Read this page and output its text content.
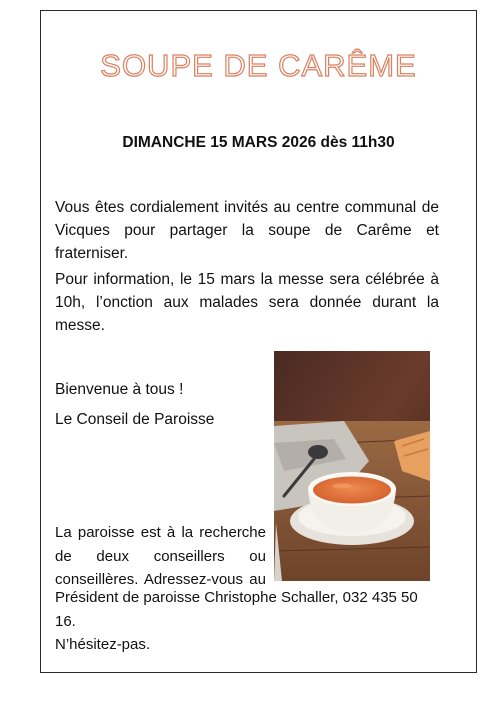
SOUPE DE CARÊME
DIMANCHE 15 MARS 2026 dès 11h30

Vous êtes cordialement invités au centre communal de Vicques pour partager la soupe de Carême et fraterniser.

Pour information, le 15 mars la messe sera célébrée à 10h, l’onction aux malades sera donnée durant la messe.

Bienvenue à tous !
Le Conseil de Paroisse
La paroisse est à la recherche
de deux conseillers ou
conseillères. Adressez-vous au
Président de paroisse Christophe Schaller, 032 435 50 16.
N’hésitez-pas.
